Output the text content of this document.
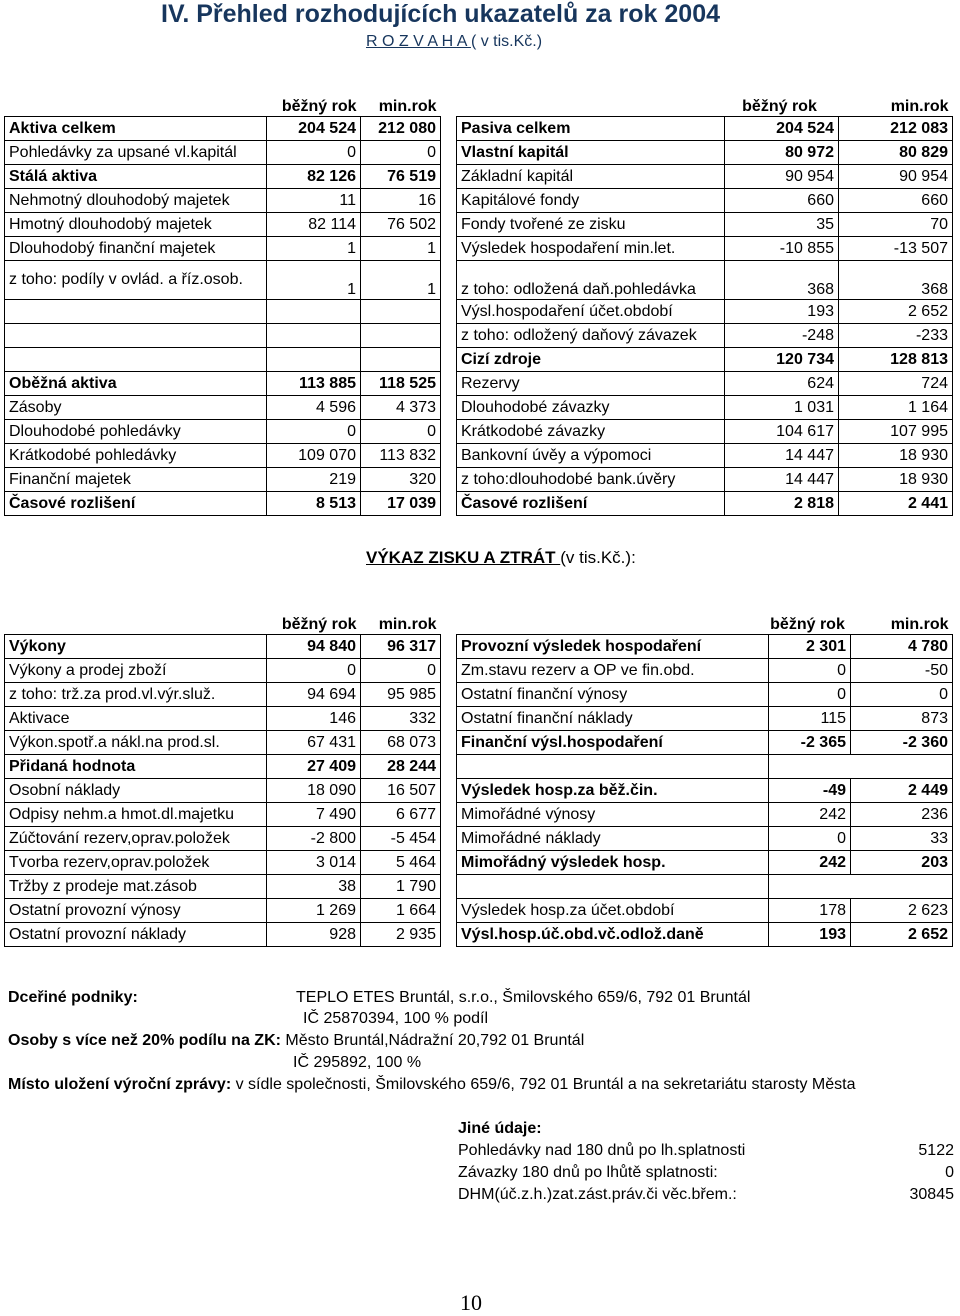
IV. Přehled rozhodujících ukazatelů za rok 2004
R O Z V A H A ( v tis.Kč.)
	běžný rok	min.rok			běžný rok	min.rok
Aktiva celkem	204 524	212 080		Pasiva celkem	204 524	212 083
Pohledávky za upsané vl.kapitál	0	0		Vlastní kapitál	80 972	80 829
Stálá aktiva	82 126	76 519		Základní kapitál	90 954	90 954
Nehmotný dlouhodobý majetek	11	16		Kapitálové fondy	660	660
Hmotný dlouhodobý majetek	82 114	76 502		Fondy tvořené ze zisku	35	70
Dlouhodobý finanční majetek	1	1		Výsledek hospodaření min.let.	-10 855	-13 507
z toho: podíly v ovlád. a říz.osob.	1	1		z toho: odložená daň.pohledávka	368	368
				Výsl.hospodaření účet.období	193	2 652
				z toho: odložený daňový závazek	-248	-233
				Cizí zdroje	120 734	128 813
Oběžná aktiva	113 885	118 525		Rezervy	624	724
Zásoby	4 596	4 373		Dlouhodobé závazky	1 031	1 164
Dlouhodobé pohledávky	0	0		Krátkodobé závazky	104 617	107 995
Krátkodobé pohledávky	109 070	113 832		Bankovní úvěy a výpomoci	14 447	18 930
Finanční majetek	219	320		z toho:dlouhodobé bank.úvěry	14 447	18 930
Časové rozlišení	8 513	17 039		Časové rozlišení	2 818	2 441
VÝKAZ ZISKU A ZTRÁT (v tis.Kč.):
	běžný rok	min.rok			běžný rok	min.rok
Výkony	94 840	96 317		Provozní výsledek hospodaření	2 301	4 780
Výkony a prodej zboží	0	0		Zm.stavu rezerv a OP ve fin.obd.	0	-50
z toho: trž.za prod.vl.výr.služ.	94 694	95 985		Ostatní finanční výnosy	0	0
Aktivace	146	332		Ostatní finanční náklady	115	873
Výkon.spotř.a nákl.na prod.sl.	67 431	68 073		Finanční výsl.hospodaření	-2 365	-2 360
Přidaná hodnota	27 409	28 244				
Osobní náklady	18 090	16 507		Výsledek hosp.za běž.čin.	-49	2 449
Odpisy nehm.a hmot.dl.majetku	7 490	6 677		Mimořádné výnosy	242	236
Zúčtování rezerv,oprav.položek	-2 800	-5 454		Mimořádné náklady	0	33
Tvorba rezerv,oprav.položek	3 014	5 464		Mimořádný výsledek hosp.	242	203
Tržby z prodeje mat.zásob	38	1 790				
Ostatní provozní výnosy	1 269	1 664		Výsledek hosp.za účet.období	178	2 623
Ostatní provozní náklady	928	2 935		Výsl.hosp.úč.obd.vč.odlož.daně	193	2 652
Dceřiné podniky:	TEPLO ETES Bruntál, s.r.o., Šmilovského 659/6, 792 01 Bruntál
IČ 25870394, 100 % podíl
Osoby s více než 20% podílu na ZK: Město Bruntál,Nádražní 20,792 01 Bruntál
IČ 295892, 100 %
Místo uložení výroční zprávy: v sídle společnosti, Šmilovského 659/6, 792 01 Bruntál a na sekretariátu starosty Města
Jiné údaje:
Pohledávky nad 180 dnů po lh.splatnosti	5122
Závazky 180 dnů po lhůtě splatnosti:	0
DHM(úč.z.h.)zat.zást.práv.či věc.břem.:	30845
10
